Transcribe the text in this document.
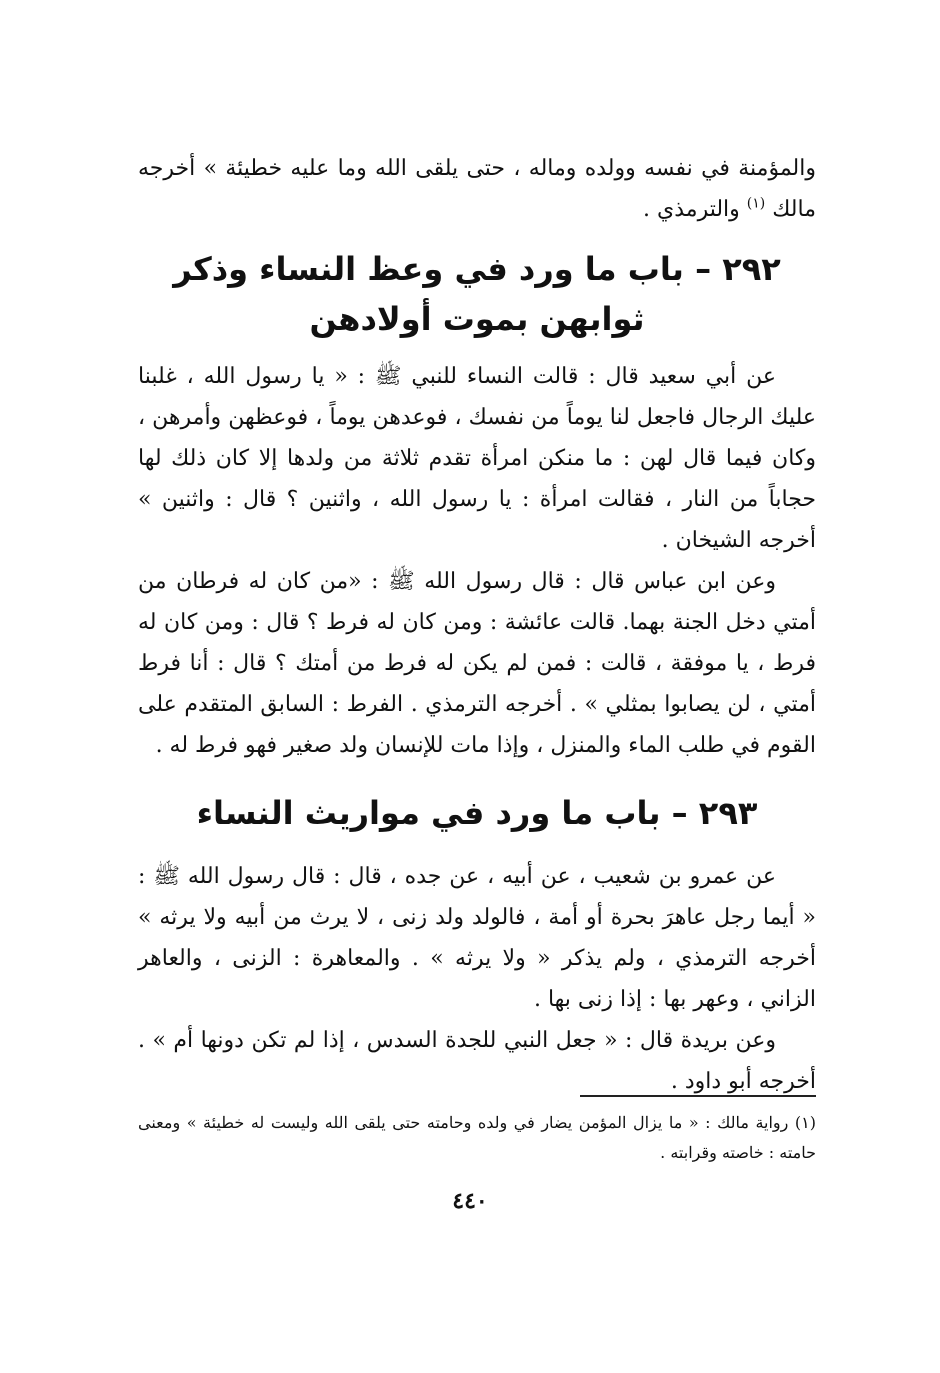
والمؤمنة في نفسه وولده وماله ، حتى يلقى الله وما عليه خطيئة » أخرجه مالك $^{(١)}$ والترمذي .

٢٩٢ – باب ما ورد في وعظ النساء وذكر ثوابهن بموت أولادهن

عن أبي سعيد قال : قالت النساء للنبي ﷺ : « يا رسول الله ، غلبنا عليك الرجال فاجعل لنا يوماً من نفسك ، فوعدهن يوماً ، فوعظهن وأمرهن ، وكان فيما قال لهن : ما منكن امرأة تقدم ثلاثة من ولدها إلا كان ذلك لها حجاباً من النار ، فقالت امرأة : يا رسول الله ، واثنين ؟ قال : واثنين » أخرجه الشيخان .

وعن ابن عباس قال : قال رسول الله ﷺ : «من كان له فرطان من أمتي دخل الجنة بهما. قالت عائشة : ومن كان له فرط ؟ قال : ومن كان له فرط ، يا موفقة ، قالت : فمن لم يكن له فرط من أمتك ؟ قال : أنا فرط أمتي ، لن يصابوا بمثلي » . أخرجه الترمذي . الفرط : السابق المتقدم على القوم في طلب الماء والمنزل ، وإذا مات للإنسان ولد صغير فهو فرط له .

٢٩٣ – باب ما ورد في مواريث النساء

عن عمرو بن شعيب ، عن أبيه ، عن جده ، قال : قال رسول الله ﷺ : « أيما رجل عاهرَ بحرة أو أمة ، فالولد ولد زنى ، لا يرث من أبيه ولا يرثه » أخرجه الترمذي ، ولم يذكر « ولا يرثه » . والمعاهرة : الزنى ، والعاهر الزاني ، وعهر بها : إذا زنى بها .

وعن بريدة قال : « جعل النبي للجدة السدس ، إذا لم تكن دونها أم » . أخرجه أبو داود .

(١) رواية مالك : « ما يزال المؤمن يضار في ولده وحامته حتى يلقى الله وليست له خطيئة » ومعنى حامته : خاصته وقرابته .

٤٤٠
